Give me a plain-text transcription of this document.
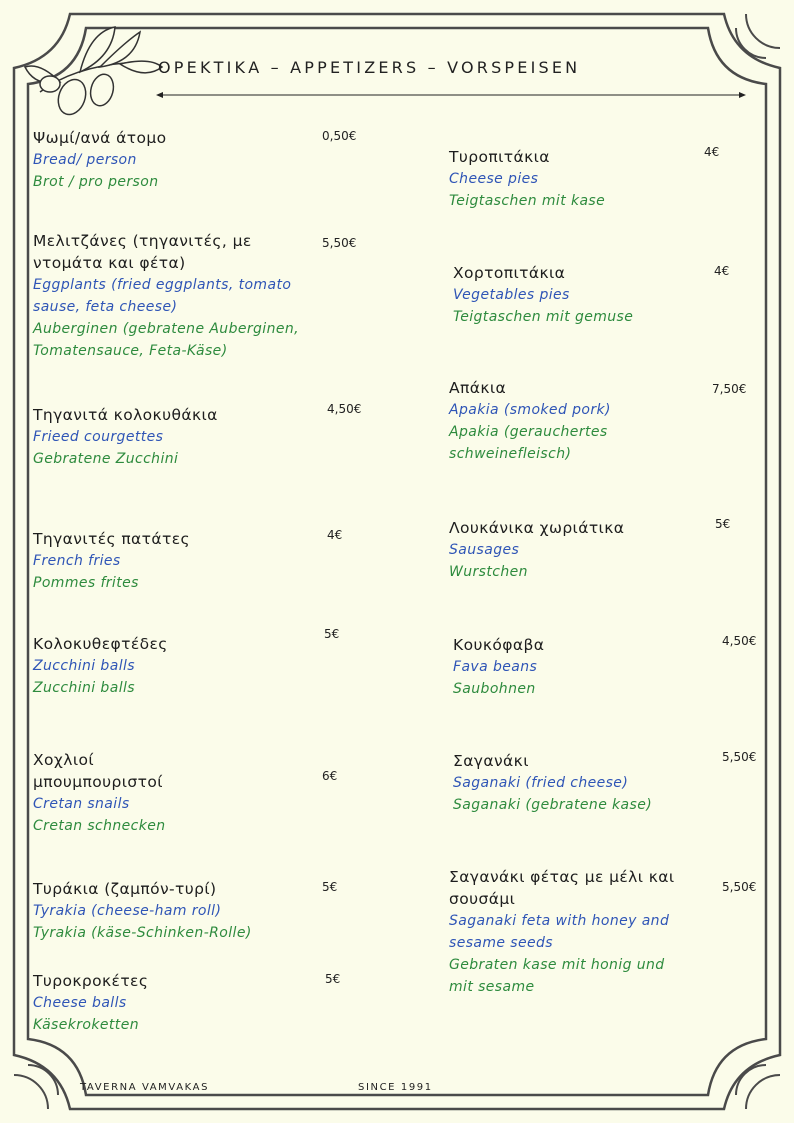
ΟΡΕΚΤΙΚΑ – APPETIZERS – VORSPEISEN
Ψωμί/ανά άτομο
Bread/ person
Brot / pro person
0,50€
Μελιτζάνες (τηγανιτές, με ντομάτα και φέτα)
Eggplants (fried eggplants, tomato sause, feta cheese)
Auberginen (gebratene Auberginen, Tomatensauce, Feta-Käse)
5,50€
Τηγανιτά κολοκυθάκια
Frieed courgettes
Gebratene Zucchini
4,50€
Τηγανιτές πατάτες
French fries
Pommes frites
4€
Κολοκυθεφτέδες
Zucchini balls
Zucchini balls
5€
Χοχλιοί μπουμπουριστοί
Cretan snails
Cretan schnecken
6€
Τυράκια (ζαμπόν-τυρί)
Tyrakia (cheese-ham roll)
Tyrakia (käse-Schinken-Rolle)
5€
Τυροκροκέτες
Cheese balls
Käsekroketten
5€
Τυροπιτάκια
Cheese pies
Teigtaschen mit kase
4€
Χορτοπιτάκια
Vegetables pies
Teigtaschen mit gemuse
4€
Απάκια
Apakia (smoked pork)
Apakia (gerauchertes schweinefleisch)
7,50€
Λουκάνικα χωριάτικα
Sausages
Wurstchen
5€
Κουκόφαβα
Fava beans
Saubohnen
4,50€
Σαγανάκι
Saganaki (fried cheese)
Saganaki (gebratene kase)
5,50€
Σαγανάκι φέτας με μέλι και σουσάμι
Saganaki feta with honey and sesame seeds
Gebraten kase mit honig und mit sesame
5,50€
TAVERNA VAMVAKAS	SINCE 1991
